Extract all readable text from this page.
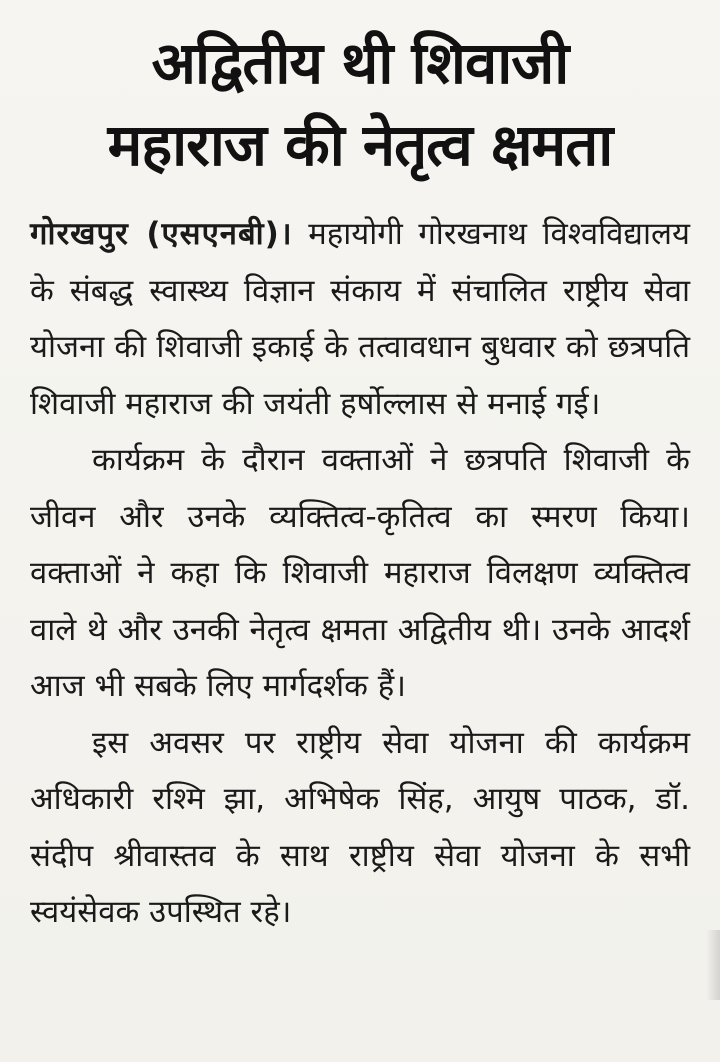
अद्वितीय थी शिवाजी
महाराज की नेतृत्व क्षमता

गोरखपुर (एसएनबी)। महायोगी गोरखनाथ विश्वविद्यालय के संबद्ध स्वास्थ्य विज्ञान संकाय में संचालित राष्ट्रीय सेवा योजना की शिवाजी इकाई के तत्वावधान बुधवार को छत्रपति शिवाजी महाराज की जयंती हर्षोल्लास से मनाई गई।

कार्यक्रम के दौरान वक्ताओं ने छत्रपति शिवाजी के जीवन और उनके व्यक्तित्व-कृतित्व का स्मरण किया। वक्ताओं ने कहा कि शिवाजी महाराज विलक्षण व्यक्तित्व वाले थे और उनकी नेतृत्व क्षमता अद्वितीय थी। उनके आदर्श आज भी सबके लिए मार्गदर्शक हैं।

इस अवसर पर राष्ट्रीय सेवा योजना की कार्यक्रम अधिकारी रश्मि झा, अभिषेक सिंह, आयुष पाठक, डॉ. संदीप श्रीवास्तव के साथ राष्ट्रीय सेवा योजना के सभी स्वयंसेवक उपस्थित रहे।
